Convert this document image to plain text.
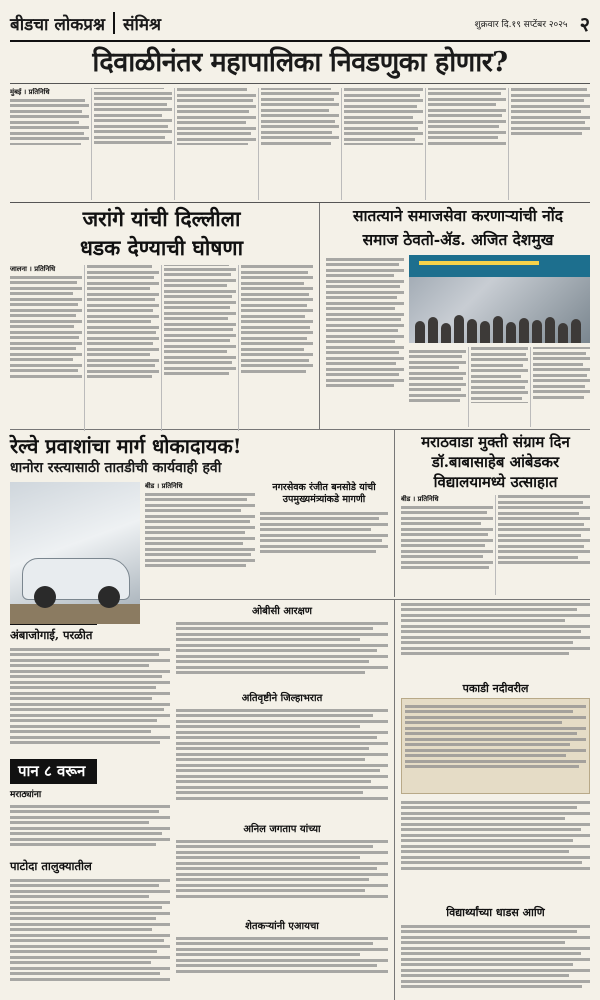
बीडचा लोकप्रश्न संमिश्र	शुक्रवार दि.१९ सप्टेंबर २०२५ २
दिवाळीनंतर महापालिका निवडणुका होणार?
मुंबई । प्रतिनिधि
जरांगे यांची दिल्लीला
धडक देण्याची घोषणा
जालना । प्रतिनिधि
सातत्याने समाजसेवा करणाऱ्यांची नोंद
समाज ठेवतो-ॲड. अजित देशमुख
रेल्वे प्रवाशांचा मार्ग धोकादायक!
धानोरा रस्त्यासाठी तातडीची कार्यवाही हवी
बीड । प्रतिनिधि	नगरसेवक रंजीत बनसोडे यांची उपमुख्यमंत्र्यांकडे मागणी
मराठवाडा मुक्ती संग्राम दिन
डॉ.बाबासाहेब आंबेडकर
विद्यालयामध्ये उत्साहात
बीड । प्रतिनिधि
अंबाजोगाई, परळीत
पान ८ वरून
मराठ्यांना
पाटोदा तालुक्यातील
ओबीसी आरक्षण
अतिवृष्टीने जिल्हाभरात
अनिल जगताप यांच्या
शेतकऱ्यांनी एआयचा
पकाडी नदीवरील
विद्यार्थ्यांच्या धाडस आणि
